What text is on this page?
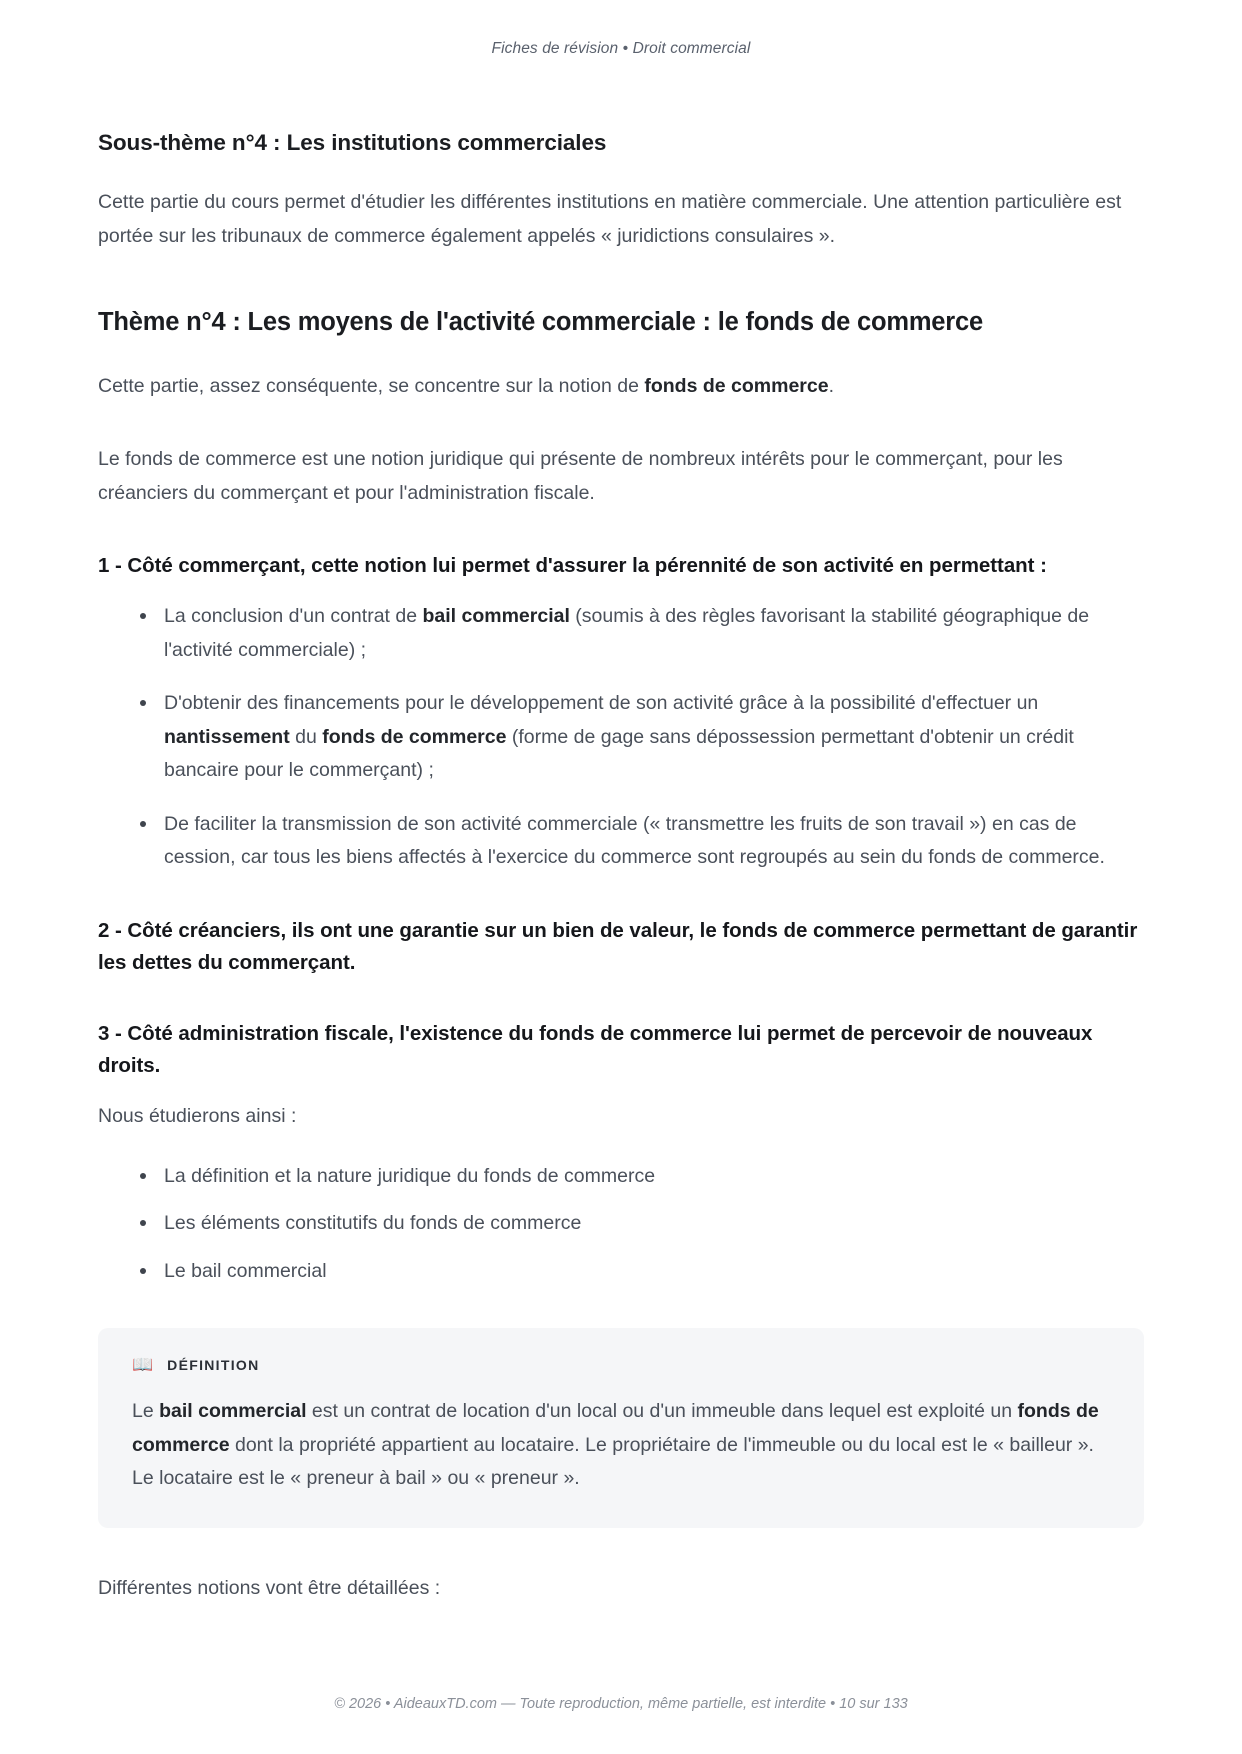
Fiches de révision • Droit commercial
Sous-thème n°4 : Les institutions commerciales

Cette partie du cours permet d'étudier les différentes institutions en matière commerciale. Une attention particulière est portée sur les tribunaux de commerce également appelés « juridictions consulaires ».

Thème n°4 : Les moyens de l'activité commerciale : le fonds de commerce

Cette partie, assez conséquente, se concentre sur la notion de fonds de commerce.

Le fonds de commerce est une notion juridique qui présente de nombreux intérêts pour le commerçant, pour les créanciers du commerçant et pour l'administration fiscale.

1 - Côté commerçant, cette notion lui permet d'assurer la pérennité de son activité en permettant :
La conclusion d'un contrat de bail commercial (soumis à des règles favorisant la stabilité géographique de l'activité commerciale) ;
D'obtenir des financements pour le développement de son activité grâce à la possibilité d'effectuer un nantissement du fonds de commerce (forme de gage sans dépossession permettant d'obtenir un crédit bancaire pour le commerçant) ;
De faciliter la transmission de son activité commerciale (« transmettre les fruits de son travail ») en cas de cession, car tous les biens affectés à l'exercice du commerce sont regroupés au sein du fonds de commerce.
2 - Côté créanciers, ils ont une garantie sur un bien de valeur, le fonds de commerce permettant de garantir les dettes du commerçant.
3 - Côté administration fiscale, l'existence du fonds de commerce lui permet de percevoir de nouveaux droits.

Nous étudierons ainsi :

La définition et la nature juridique du fonds de commerce
Les éléments constitutifs du fonds de commerce
Le bail commercial
📖 DÉFINITION

Le bail commercial est un contrat de location d'un local ou d'un immeuble dans lequel est exploité un fonds de commerce dont la propriété appartient au locataire. Le propriétaire de l'immeuble ou du local est le « bailleur ». Le locataire est le « preneur à bail » ou « preneur ».

Différentes notions vont être détaillées :

© 2026 • AideauxTD.com — Toute reproduction, même partielle, est interdite • 10 sur 133
